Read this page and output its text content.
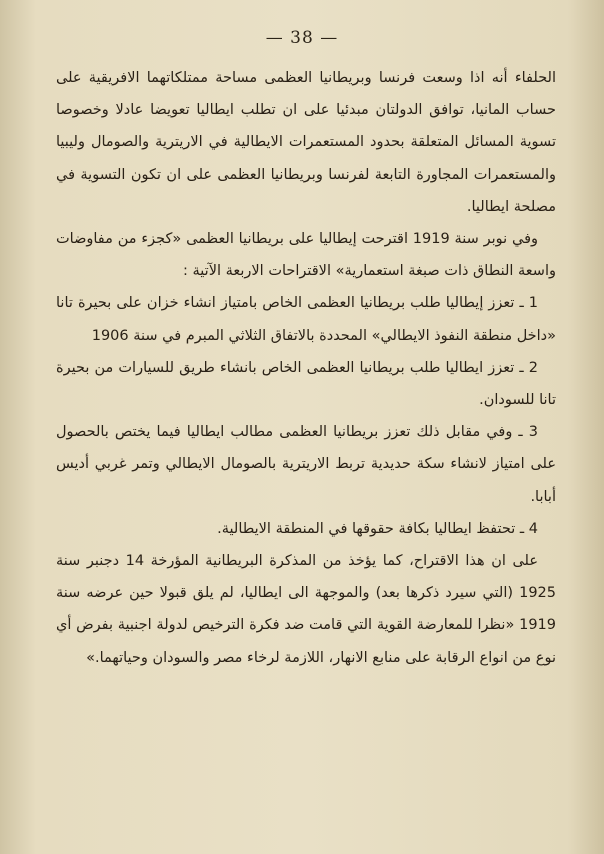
— 38 —

الحلفاء أنه اذا وسعت فرنسا وبريطانيا العظمى مساحة ممتلكاتهما الافريقية على حساب المانيا، توافق الدولتان مبدئيا على ان تطلب ايطاليا تعويضا عادلا وخصوصا تسوية المسائل المتعلقة بحدود المستعمرات الايطالية في الاريترية والصومال وليبيا والمستعمرات المجاورة التابعة لفرنسا وبريطانيا العظمى على ان تكون التسوية في مصلحة ايطاليا.

وفي نوبر سنة 1919 اقترحت إيطاليا على بريطانيا العظمى «كجزء من مفاوضات واسعة النطاق ذات صبغة استعمارية» الاقتراحات الاربعة الآتية :

1 ـ تعزز إيطاليا طلب بريطانيا العظمى الخاص بامتياز انشاء خزان على بحيرة تانا «داخل منطقة النفوذ الايطالي» المحددة بالاتفاق الثلاثي المبرم في سنة 1906

2 ـ تعزز ايطاليا طلب بريطانيا العظمى الخاص بانشاء طريق للسيارات من بحيرة تانا للسودان.

3 ـ وفي مقابل ذلك تعزز بريطانيا العظمى مطالب ايطاليا فيما يختص بالحصول على امتياز لانشاء سكة حديدية تربط الاريترية بالصومال الايطالي وتمر غربي أديس أبابا.

4 ـ تحتفظ ايطاليا بكافة حقوقها في المنطقة الايطالية.

على ان هذا الاقتراح، كما يؤخذ من المذكرة البريطانية المؤرخة 14 دجنبر سنة 1925 (التي سيرد ذكرها بعد) والموجهة الى ايطاليا، لم يلق قبولا حين عرضه سنة 1919 «نظرا للمعارضة القوية التي قامت ضد فكرة الترخيص لدولة اجنبية بفرض أي نوع من انواع الرقابة على منابع الانهار، اللازمة لرخاء مصر والسودان وحياتهما.»
